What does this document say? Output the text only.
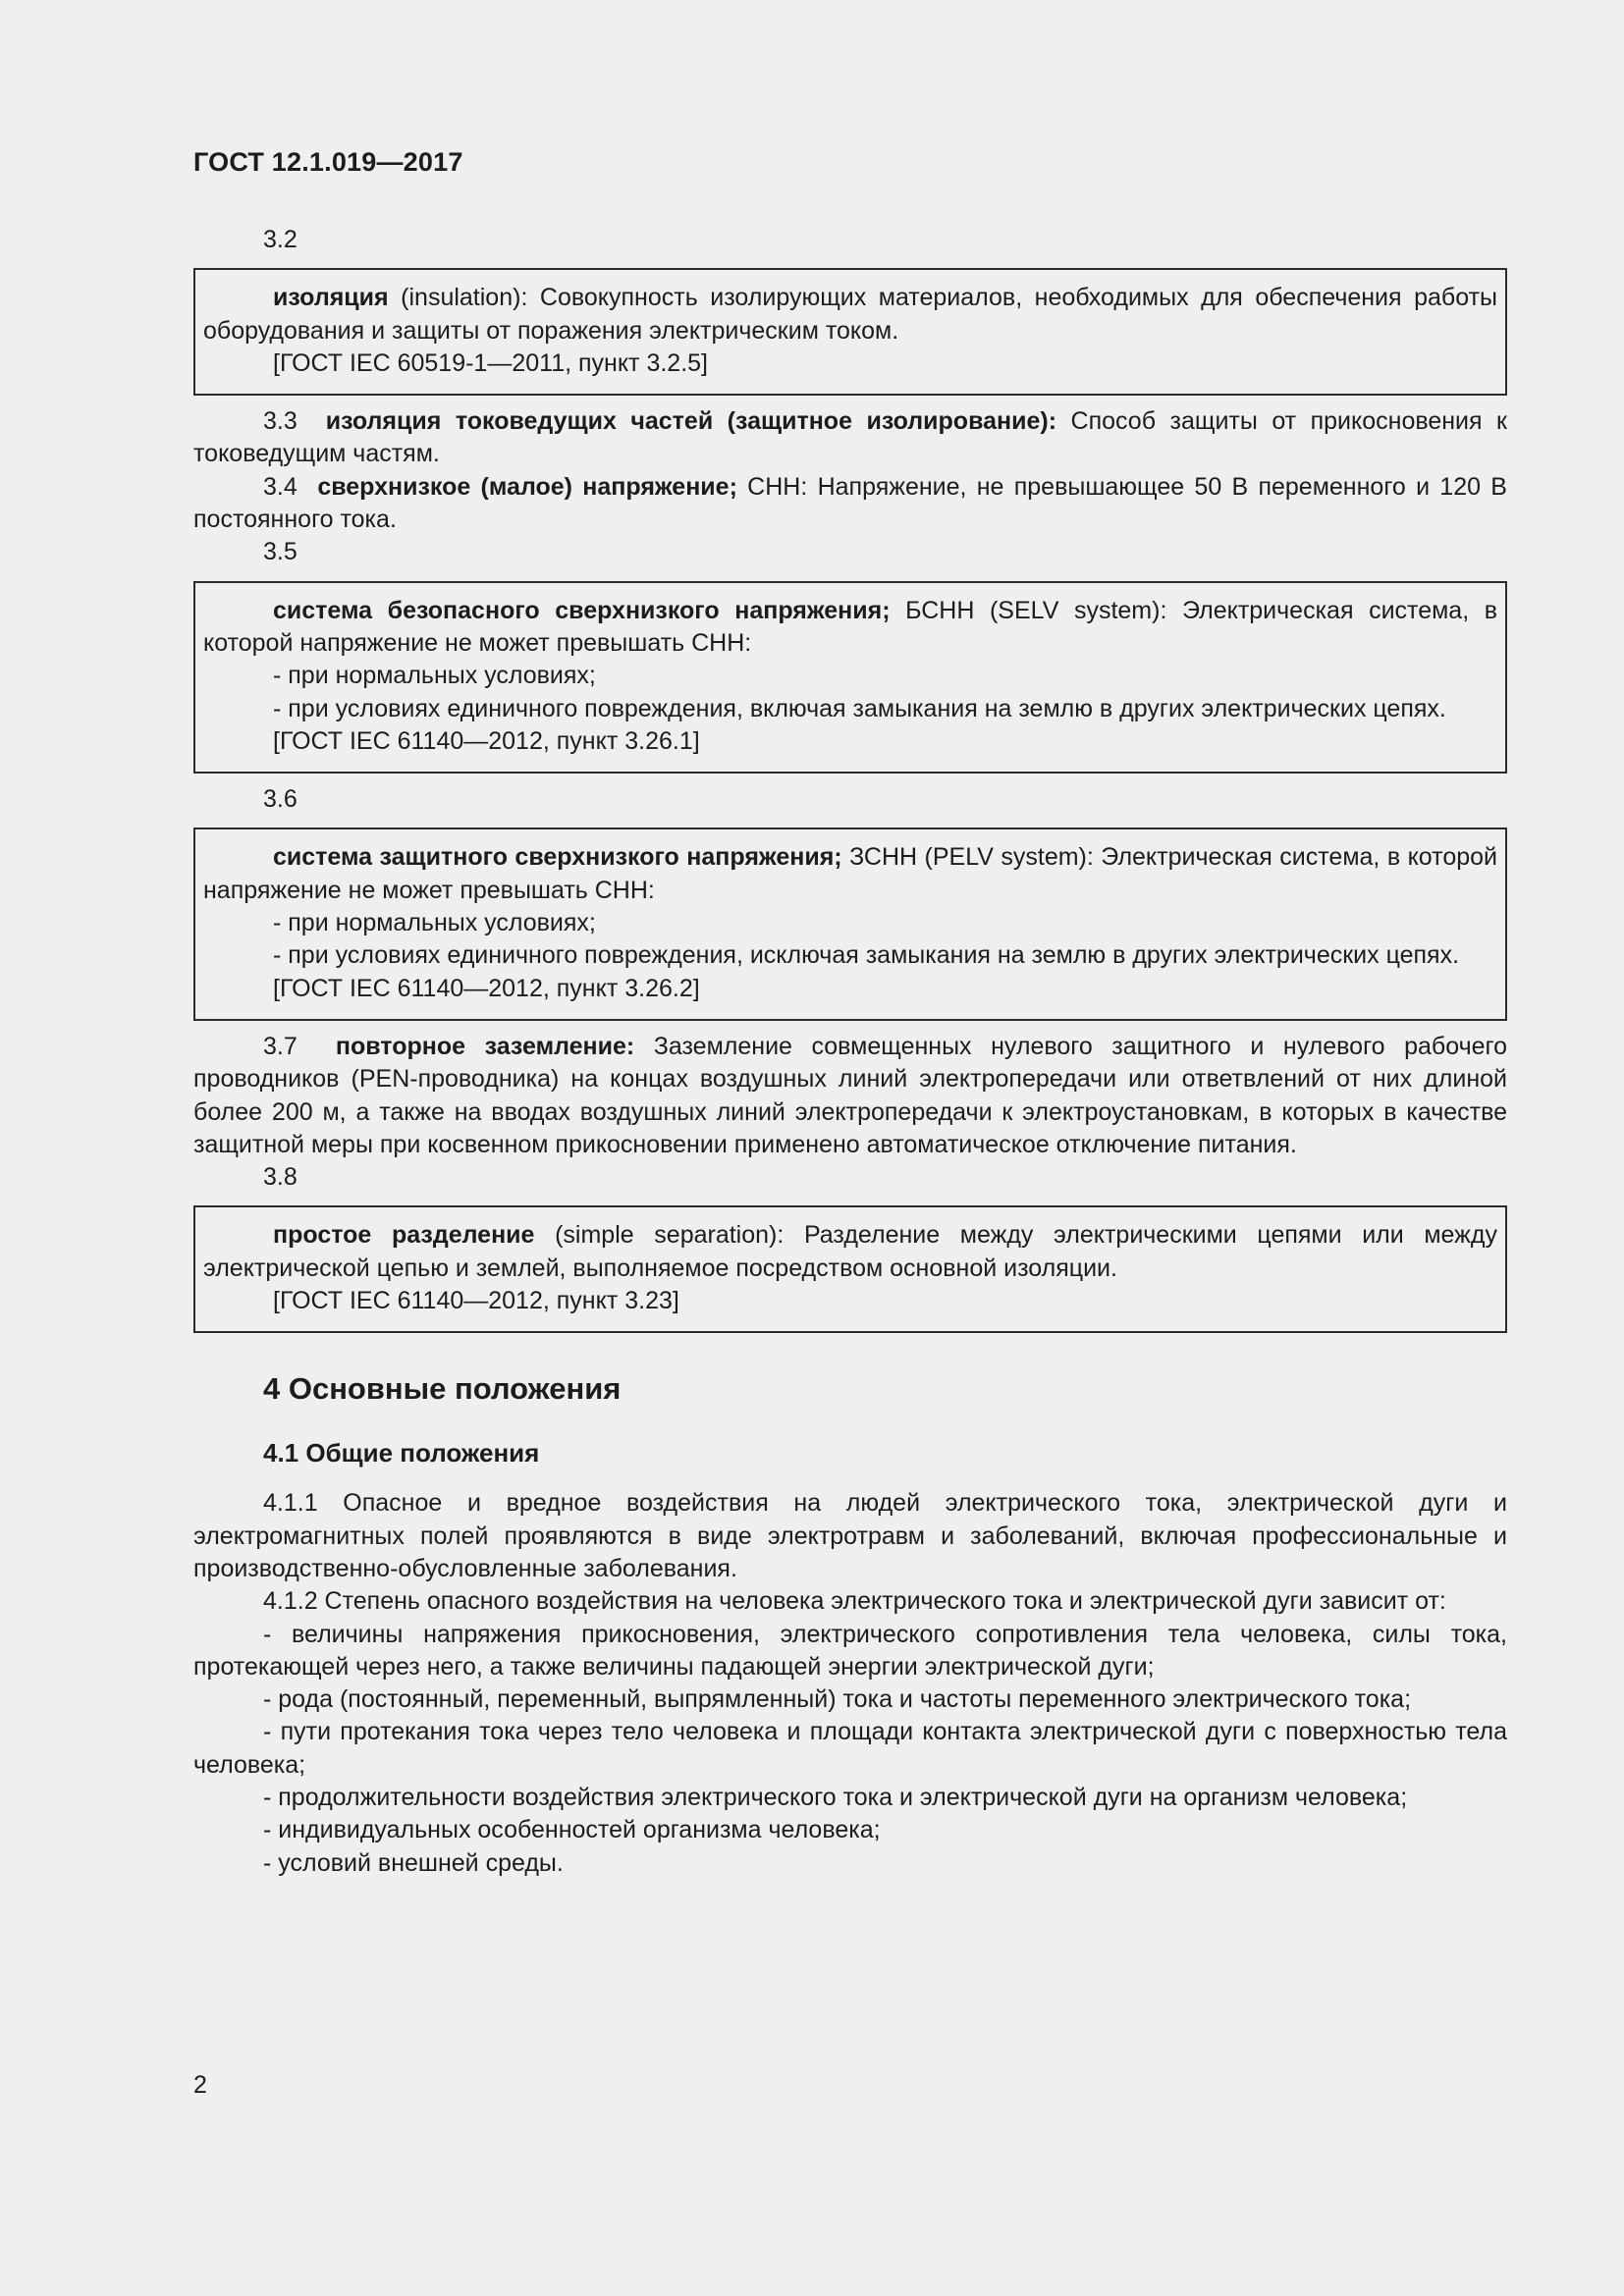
ГОСТ 12.1.019—2017

3.2

изоляция (insulation): Совокупность изолирующих материалов, необходимых для обеспечения работы оборудования и защиты от поражения электрическим током.

[ГОСТ IEC 60519-1—2011, пункт 3.2.5]

3.3 изоляция токоведущих частей (защитное изолирование): Способ защиты от прикосновения к токоведущим частям.

3.4 сверхнизкое (малое) напряжение; СНН: Напряжение, не превышающее 50 В переменного и 120 В постоянного тока.

3.5

система безопасного сверхнизкого напряжения; БСНН (SELV system): Электрическая система, в которой напряжение не может превышать СНН:

- при нормальных условиях;

- при условиях единичного повреждения, включая замыкания на землю в других электрических цепях.

[ГОСТ IEC 61140—2012, пункт 3.26.1]

3.6

система защитного сверхнизкого напряжения; ЗСНН (PELV system): Электрическая система, в которой напряжение не может превышать СНН:

- при нормальных условиях;

- при условиях единичного повреждения, исключая замыкания на землю в других электрических цепях.

[ГОСТ IEC 61140—2012, пункт 3.26.2]

3.7 повторное заземление: Заземление совмещенных нулевого защитного и нулевого рабочего проводников (PEN-проводника) на концах воздушных линий электропередачи или ответвлений от них длиной более 200 м, а также на вводах воздушных линий электропередачи к электроустановкам, в которых в качестве защитной меры при косвенном прикосновении применено автоматическое отключение питания.

3.8

простое разделение (simple separation): Разделение между электрическими цепями или между электрической цепью и землей, выполняемое посредством основной изоляции.

[ГОСТ IEC 61140—2012, пункт 3.23]

4 Основные положения
4.1 Общие положения

4.1.1 Опасное и вредное воздействия на людей электрического тока, электрической дуги и электромагнитных полей проявляются в виде электротравм и заболеваний, включая профессиональные и производственно-обусловленные заболевания.

4.1.2 Степень опасного воздействия на человека электрического тока и электрической дуги зависит от:

- величины напряжения прикосновения, электрического сопротивления тела человека, силы тока, протекающей через него, а также величины падающей энергии электрической дуги;

- рода (постоянный, переменный, выпрямленный) тока и частоты переменного электрического тока;

- пути протекания тока через тело человека и площади контакта электрической дуги с поверхностью тела человека;

- продолжительности воздействия электрического тока и электрической дуги на организм человека;

- индивидуальных особенностей организма человека;

- условий внешней среды.

2
